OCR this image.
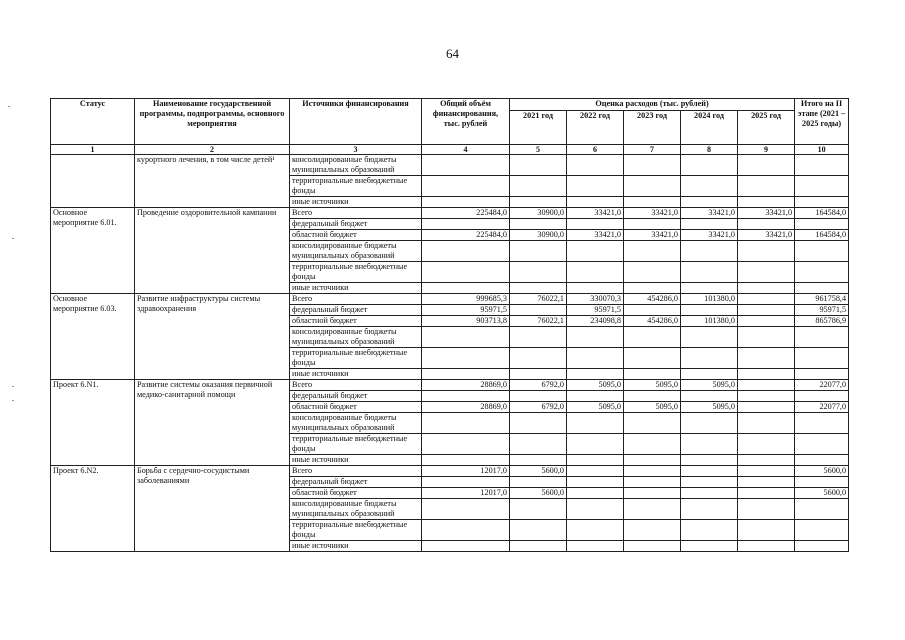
64
Статус	Наименование государственной программы, подпрограммы, основного мероприятия	Источники финансирования	Общий объём финансирования, тыс. рублей	Оценка расходов (тыс. рублей)					Итого на II этапе (2021 – 2025 годы)
				2021 год	2022 год	2023 год	2024 год	2025 год	
1	2	3	4	5	6	7	8	9	10
	курортного лечения, в том числе детей¹	консолидированные бюджеты муниципальных образований							
		территориальные внебюджетные фонды							
		иные источники							
Основное мероприятие 6.01.	Проведение оздоровительной кампании	Всего	225484,0	30900,0	33421,0	33421,0	33421,0	33421,0	164584,0
		федеральный бюджет							
		областной бюджет	225484,0	30900,0	33421,0	33421,0	33421,0	33421,0	164584,0
		консолидированные бюджеты муниципальных образований							
		территориальные внебюджетные фонды							
		иные источники							
Основное мероприятие 6.03.	Развитие инфраструктуры системы здравоохранения	Всего	999685,3	76022,1	330070,3	454286,0	101380,0		961758,4
		федеральный бюджет	95971,5		95971,5				95971,5
		областной бюджет	903713,8	76022,1	234098,8	454286,0	101380,0		865786,9
		консолидированные бюджеты муниципальных образований							
		территориальные внебюджетные фонды							
		иные источники							
Проект 6.N1.	Развитие системы оказания первичной медико-санитарной помощи	Всего	28869,0	6792,0	5095,0	5095,0	5095,0		22077,0
		федеральный бюджет							
		областной бюджет	28869,0	6792,0	5095,0	5095,0	5095,0		22077,0
		консолидированные бюджеты муниципальных образований							
		территориальные внебюджетные фонды							
		иные источники							
Проект 6.N2.	Борьба с сердечно-сосудистыми заболеваниями	Всего	12017,0	5600,0					5600,0
		федеральный бюджет							
		областной бюджет	12017,0	5600,0					5600,0
		консолидированные бюджеты муниципальных образований							
		территориальные внебюджетные фонды							
		иные источники							
